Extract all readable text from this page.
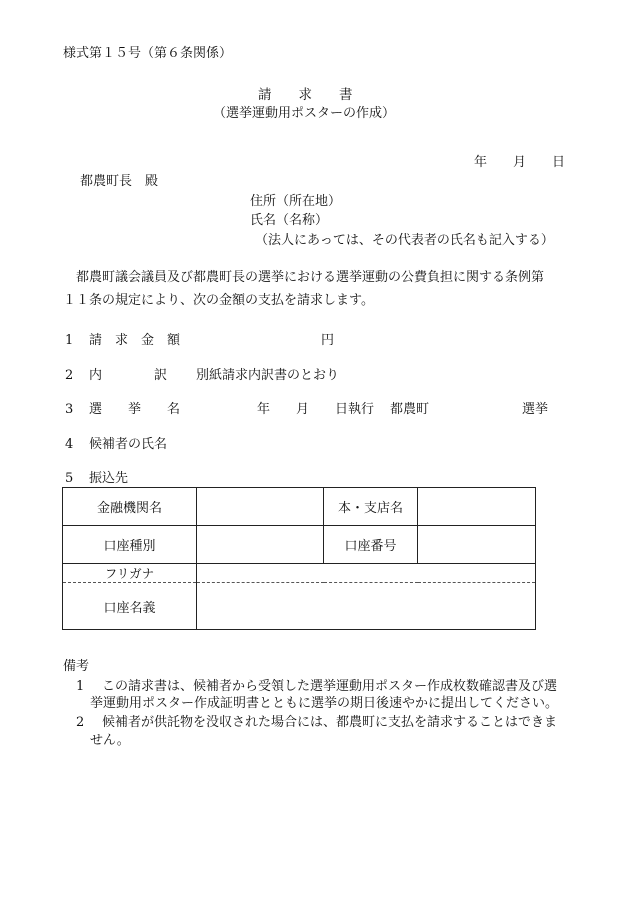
様式第１５号（第６条関係）
請　　求　　書
（選挙運動用ポスターの作成）
年　　月　　日
都農町長　殿
住所（所在地）
氏名（名称）
（法人にあっては、その代表者の氏名も記入する）
都農町議会議員及び都農町長の選挙における選挙運動の公費負担に関する条例第
１１条の規定により、次の金額の支払を請求します。
1 請　求　金　額	円
2 内　　　　訳 別紙請求内訳書のとおり
3 選　　挙　　名	年　　月　　日執行 都農町	選挙
4 候補者の氏名
5 振込先
金融機関名		本・支店名	
口座種別		口座番号	
フリガナ			
口座名義			
備考
1 この請求書は、候補者から受領した選挙運動用ポスター作成枚数確認書及び選
挙運動用ポスター作成証明書とともに選挙の期日後速やかに提出してください。
2 候補者が供託物を没収された場合には、都農町に支払を請求することはできま
せん。
